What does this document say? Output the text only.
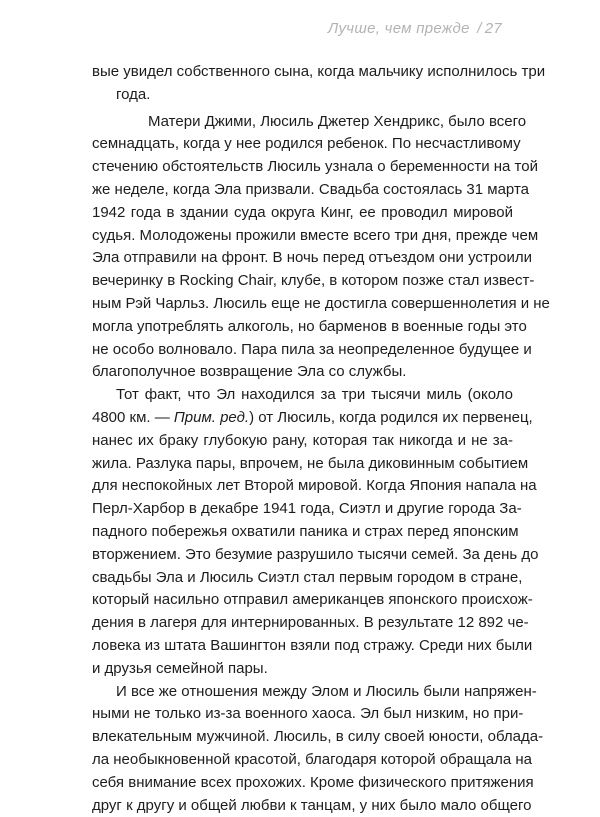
Лучше, чем прежде / 27

вые увидел собственного сына, когда мальчику исполнилось три
года.

Матери Джими, Люсиль Джетер Хендрикс, было всего
семнадцать, когда у нее родился ребенок. По несчастливому
стечению обстоятельств Люсиль узнала о беременности на той
же неделе, когда Эла призвали. Свадьба состоялась 31 марта
1942 года в здании суда округа Кинг, ее проводил мировой
судья. Молодожены прожили вместе всего три дня, прежде чем
Эла отправили на фронт. В ночь перед отъездом они устроили
вечеринку в Rocking Chair, клубе, в котором позже стал извест-
ным Рэй Чарльз. Люсиль еще не достигла совершеннолетия и не
могла употреблять алкоголь, но барменов в военные годы это
не особо волновало. Пара пила за неопределенное будущее и
благополучное возвращение Эла со службы.

Тот факт, что Эл находился за три тысячи миль (около
4800 км. — Прим. ред.) от Люсиль, когда родился их первенец,
нанес их браку глубокую рану, которая так никогда и не за-
жила. Разлука пары, впрочем, не была диковинным событием
для неспокойных лет Второй мировой. Когда Япония напала на
Перл-Харбор в декабре 1941 года, Сиэтл и другие города За-
падного побережья охватили паника и страх перед японским
вторжением. Это безумие разрушило тысячи семей. За день до
свадьбы Эла и Люсиль Сиэтл стал первым городом в стране,
который насильно отправил американцев японского происхож-
дения в лагеря для интернированных. В результате 12 892 че-
ловека из штата Вашингтон взяли под стражу. Среди них были
и друзья семейной пары.

И все же отношения между Элом и Люсиль были напряжен-
ными не только из-за военного хаоса. Эл был низким, но при-
влекательным мужчиной. Люсиль, в силу своей юности, облада-
ла необыкновенной красотой, благодаря которой обращала на
себя внимание всех прохожих. Кроме физического притяжения
друг к другу и общей любви к танцам, у них было мало общего
